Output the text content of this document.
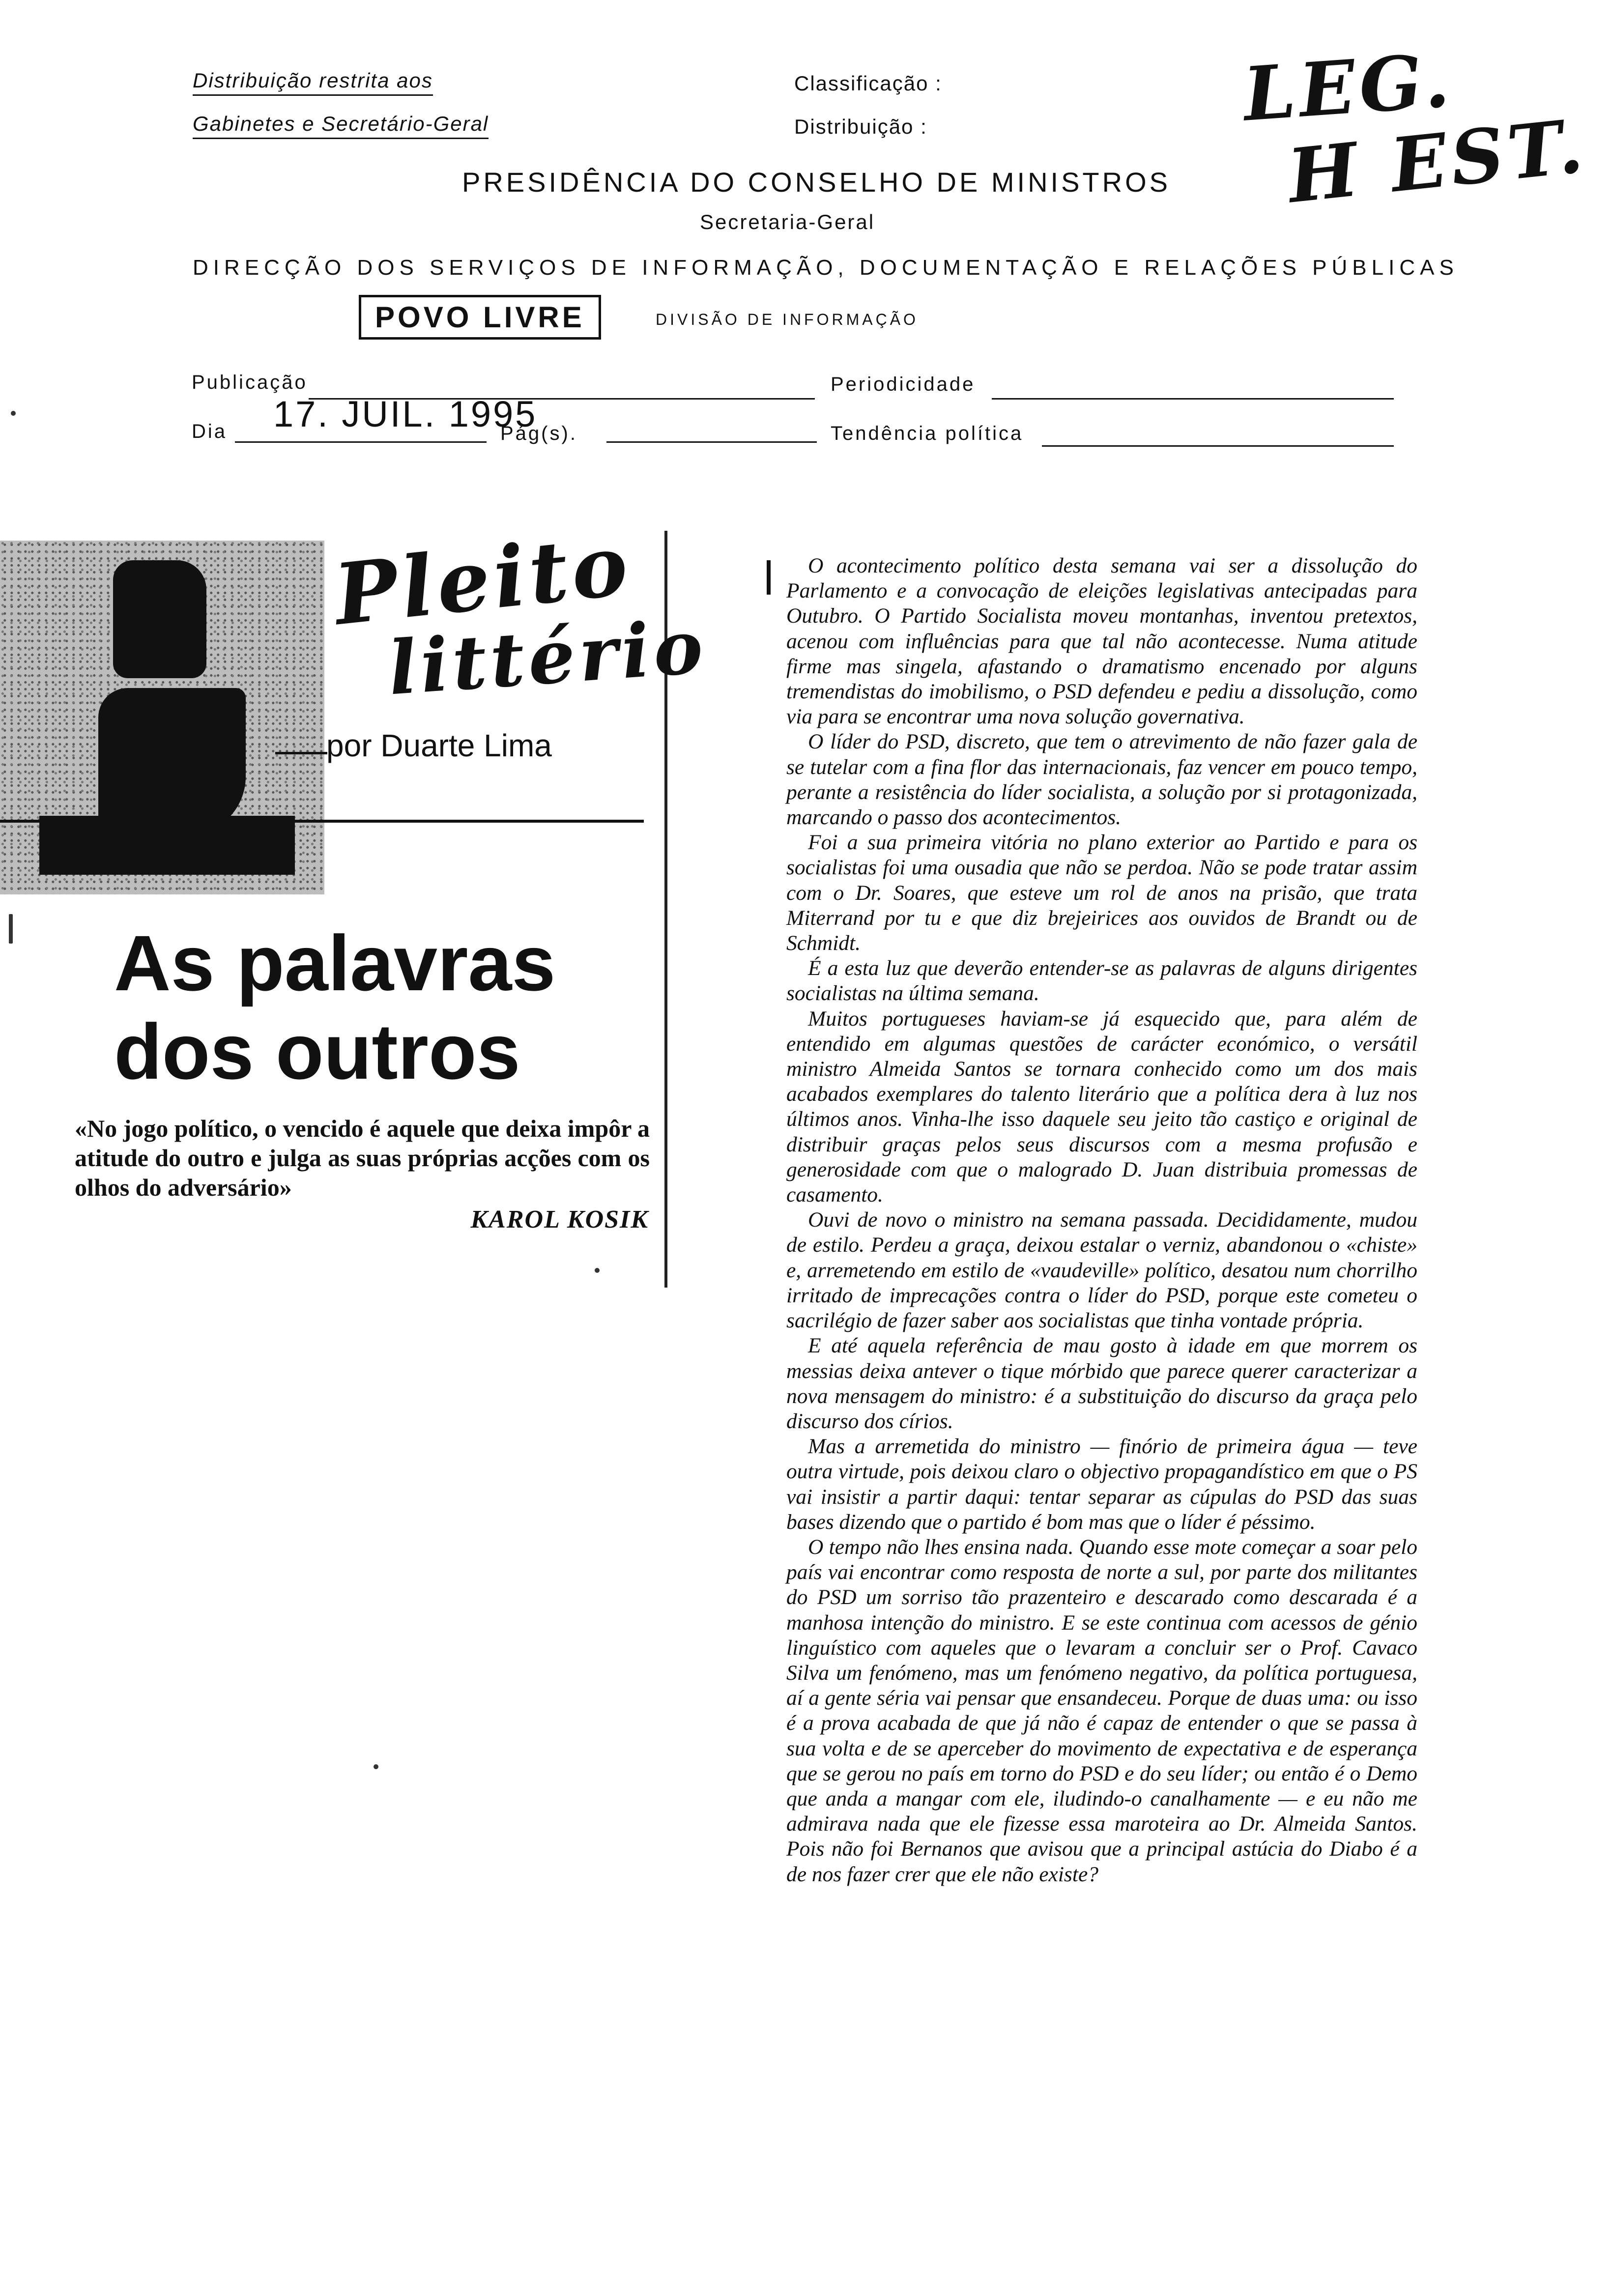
Distribuição restrita aos
Gabinetes e Secretário-Geral
Classificação :
Distribuição :	LEG.
H EST.
PRESIDÊNCIA DO CONSELHO DE MINISTROS
Secretaria-Geral
DIRECÇÃO DOS SERVIÇOS DE INFORMAÇÃO, DOCUMENTAÇÃO E RELAÇÕES PÚBLICAS
POVO LIVRE	DIVISÃO DE INFORMAÇÃO
Publicação	Periodicidade
Dia 17. JUIL. 1995
Pág(s).	Tendência política
Pleito
littério
por Duarte Lima
As palavras
dos outros
«No jogo político, o vencido é aquele que deixa impôr a atitude do outro e julga as suas próprias acções com os olhos do adversário»
KAROL KOSIK

O acontecimento político desta semana vai ser a dissolução do Parlamento e a convocação de eleições legislativas antecipadas para Outubro. O Partido Socialista moveu montanhas, inventou pretextos, acenou com influências para que tal não acontecesse. Numa atitude firme mas singela, afastando o dramatismo encenado por alguns tremendistas do imobilismo, o PSD defendeu e pediu a dissolução, como via para se encontrar uma nova solução governativa.

O líder do PSD, discreto, que tem o atrevimento de não fazer gala de se tutelar com a fina flor das internacionais, faz vencer em pouco tempo, perante a resistência do líder socialista, a solução por si protagonizada, marcando o passo dos acontecimentos.

Foi a sua primeira vitória no plano exterior ao Partido e para os socialistas foi uma ousadia que não se perdoa. Não se pode tratar assim com o Dr. Soares, que esteve um rol de anos na prisão, que trata Miterrand por tu e que diz brejeirices aos ouvidos de Brandt ou de Schmidt.

É a esta luz que deverão entender-se as palavras de alguns dirigentes socialistas na última semana.

Muitos portugueses haviam-se já esquecido que, para além de entendido em algumas questões de carácter económico, o versátil ministro Almeida Santos se tornara conhecido como um dos mais acabados exemplares do talento literário que a política dera à luz nos últimos anos. Vinha-lhe isso daquele seu jeito tão castiço e original de distribuir graças pelos seus discursos com a mesma profusão e generosidade com que o malogrado D. Juan distribuia promessas de casamento.

Ouvi de novo o ministro na semana passada. Decididamente, mudou de estilo. Perdeu a graça, deixou estalar o verniz, abandonou o «chiste» e, arremetendo em estilo de «vaudeville» político, desatou num chorrilho irritado de imprecações contra o líder do PSD, porque este cometeu o sacrilégio de fazer saber aos socialistas que tinha vontade própria.

E até aquela referência de mau gosto à idade em que morrem os messias deixa antever o tique mórbido que parece querer caracterizar a nova mensagem do ministro: é a substituição do discurso da graça pelo discurso dos círios.

Mas a arremetida do ministro — finório de primeira água — teve outra virtude, pois deixou claro o objectivo propagandístico em que o PS vai insistir a partir daqui: tentar separar as cúpulas do PSD das suas bases dizendo que o partido é bom mas que o líder é péssimo.

O tempo não lhes ensina nada. Quando esse mote começar a soar pelo país vai encontrar como resposta de norte a sul, por parte dos militantes do PSD um sorriso tão prazenteiro e descarado como descarada é a manhosa intenção do ministro. E se este continua com acessos de génio linguístico com aqueles que o levaram a concluir ser o Prof. Cavaco Silva um fenómeno, mas um fenómeno negativo, da política portuguesa, aí a gente séria vai pensar que ensandeceu. Porque de duas uma: ou isso é a prova acabada de que já não é capaz de entender o que se passa à sua volta e de se aperceber do movimento de expectativa e de esperança que se gerou no país em torno do PSD e do seu líder; ou então é o Demo que anda a mangar com ele, iludindo-o canalhamente — e eu não me admirava nada que ele fizesse essa maroteira ao Dr. Almeida Santos. Pois não foi Bernanos que avisou que a principal astúcia do Diabo é a de nos fazer crer que ele não existe?
